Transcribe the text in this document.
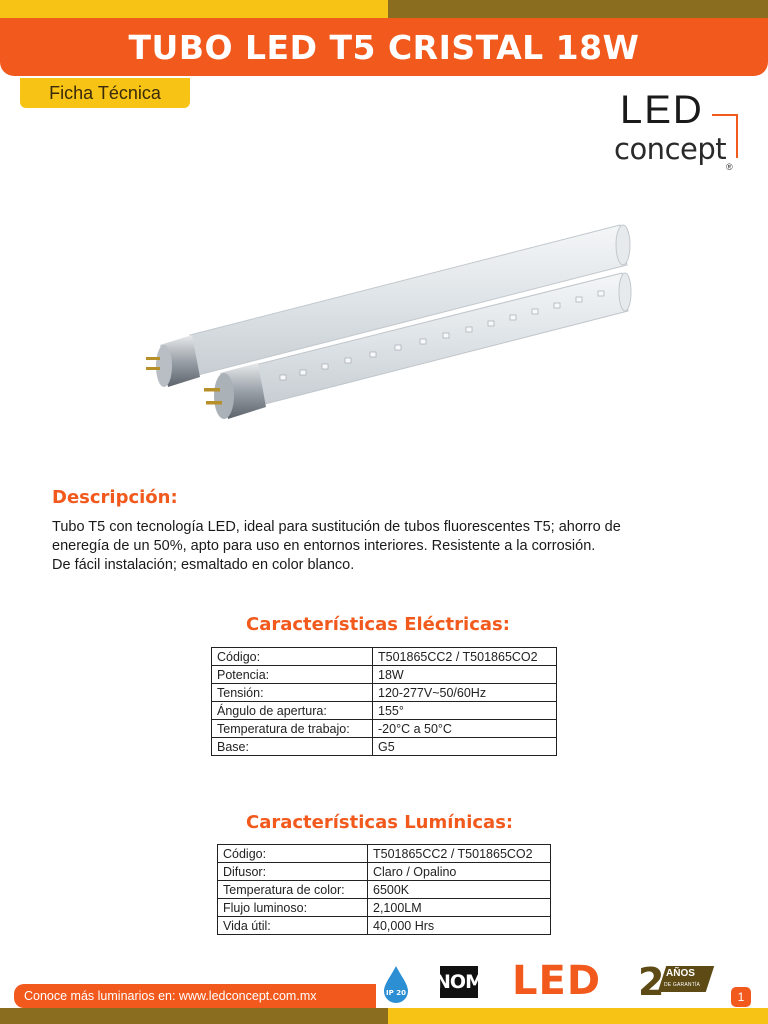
TUBO LED T5 CRISTAL 18W
Ficha Técnica	LED
concept
®
Descripción:
Tubo T5 con tecnología LED, ideal para sustitución de tubos fluorescentes T5; ahorro de
eneregía de un 50%, apto para uso en entornos interiores. Resistente a la corrosión.
De fácil instalación; esmaltado en color blanco.
Características Eléctricas:
Código:	T501865CC2 / T501865CO2
Potencia:	18W
Tensión:	120-277V~50/60Hz
Ángulo de apertura:	155°
Temperatura de trabajo:	-20°C a 50°C
Base:	G5
Características Lumínicas:
Código:	T501865CC2 / T501865CO2
Difusor:	Claro / Opalino
Temperatura de color:	6500K
Flujo luminoso:	2,100LM
Vida útil:	40,000 Hrs
Conoce más luminarios en: www.ledconcept.com.mx	IP 20 NOM LED 2 AÑOS
DE GARANTÍA
1
